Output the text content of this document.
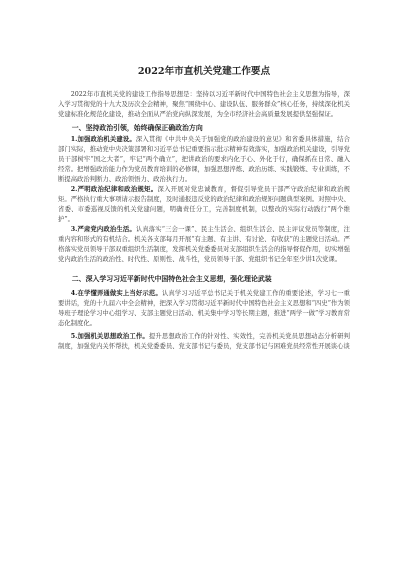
2022年市直机关党建工作要点

2022年市直机关党的建设工作指导思想是：坚持以习近平新时代中国特色社会主义思想为指导，深入学习贯彻党的十九大及历次全会精神，聚焦“围绕中心、建设队伍、服务群众”核心任务，持续深化机关党建标准化规范化建设，推动全面从严治党向纵深发展，为全市经济社会高质量发展提供坚强保证。

一、坚持政治引领，始终确保正确政治方向

1.加强政治机关建设。深入贯彻《中共中央关于加强党的政治建设的意见》和省委具体措施，结合部门实际，推动党中央决策部署和习近平总书记重要指示批示精神有效落实，加强政治机关建设，引导党员干部树牢“国之大者”，牢记“两个确立”，把讲政治的要求内化于心、外化于行，确保抓在日常、融入经常。把增强政治能力作为党员教育培训的必修课，加强思想淬炼、政治历练、实践锻炼、专业训练，不断提高政治判断力、政治领悟力、政治执行力。

2.严明政治纪律和政治规矩。深入开展对党忠诚教育，督促引导党员干部严守政治纪律和政治规矩。严格执行重大事项请示报告制度，及时通报违反党的政治纪律和政治规矩问题典型案例。对照中央、省委、市委巡视反馈的机关党建问题，明确责任分工，完善制度机制，以整改的实际行动践行“两个维护”。

3.严肃党内政治生活。认真落实“三会一课”、民主生活会、组织生活会、民主评议党员等制度，注重内容和形式的有机结合。机关各支部每月开展“有主题、有主讲、有讨论、有收获”的主题党日活动。严格落实党员领导干部双重组织生活制度，发挥机关党委委员对支部组织生活会的指导督促作用，切实增强党内政治生活的政治性、时代性、原则性、战斗性，党员领导干部、党组织书记全年至少讲1次党课。

二、深入学习习近平新时代中国特色社会主义思想，强化理论武装

4.在学懂弄通做实上当好示范。认真学习习近平总书记关于机关党建工作的重要论述，学习七一重要讲话，党的十九届六中全会精神，把深入学习贯彻习近平新时代中国特色社会主义思想和“四史”作为领导班子理论学习中心组学习、支部主题党日活动、机关集中学习等长期主题，推进“两学一做”学习教育常态化制度化。

5.加强机关思想政治工作。提升思想政治工作的针对性、实效性，完善机关党员思想动态分析研判制度，加强党内关怀帮扶，机关党委委员、党支部书记与委员，党支部书记与困难党员经常性开展谈心谈
